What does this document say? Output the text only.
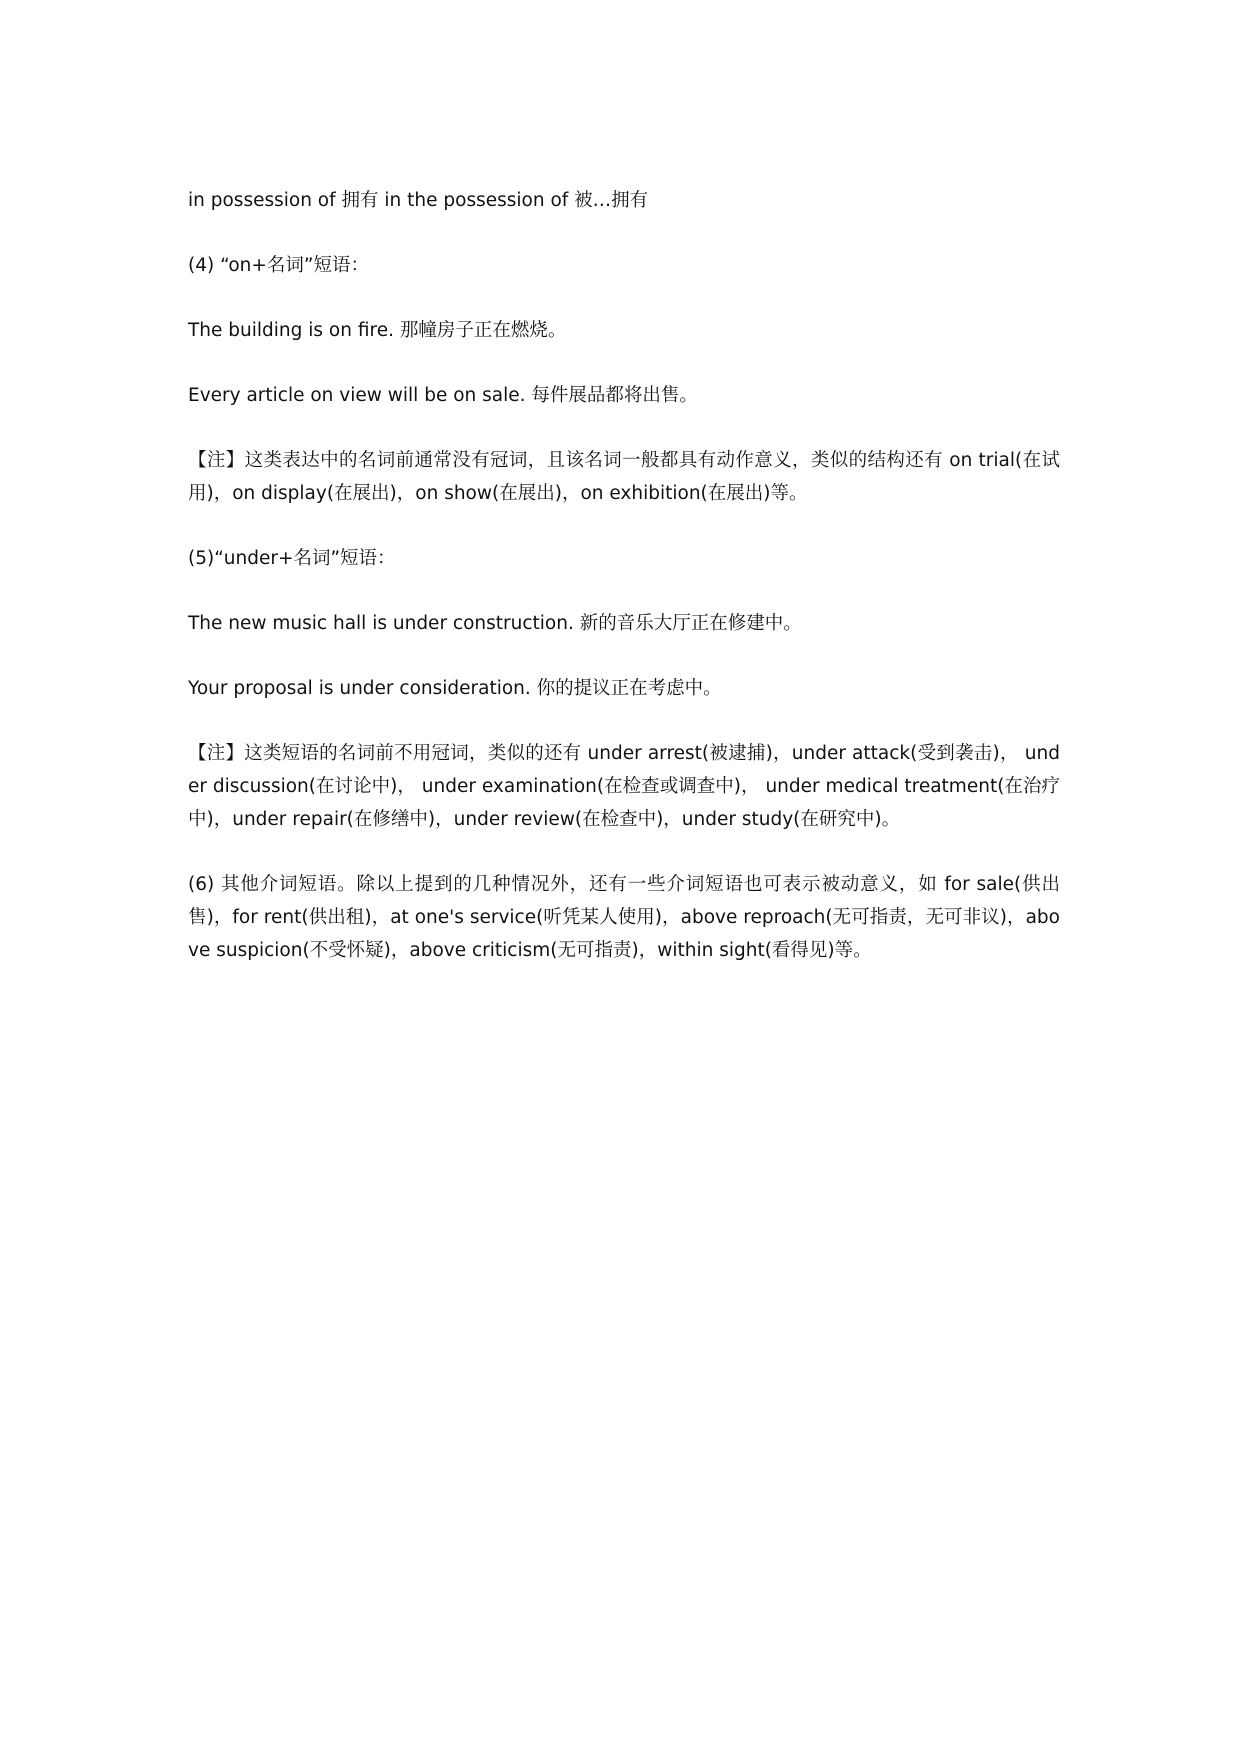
in possession of 拥有 in the possession of 被…拥有

(4) “on+名词”短语：

The building is on fire. 那幢房子正在燃烧。

Every article on view will be on sale. 每件展品都将出售。

【注】这类表达中的名词前通常没有冠词，且该名词一般都具有动作意义，类似的结构还有 on trial(在试用)，on display(在展出)，on show(在展出)，on exhibition(在展出)等。

(5)“under+名词”短语：

The new music hall is under construction. 新的音乐大厅正在修建中。

Your proposal is under consideration. 你的提议正在考虑中。

【注】这类短语的名词前不用冠词，类似的还有 under arrest(被逮捕)，under attack(受到袭击)， under discussion(在讨论中)， under examination(在检查或调查中)， under medical treatment(在治疗中)，under repair(在修缮中)，under review(在检查中)，under study(在研究中)。

(6) 其他介词短语。除以上提到的几种情况外，还有一些介词短语也可表示被动意义，如 for sale(供出售)，for rent(供出租)，at one's service(听凭某人使用)，above reproach(无可指责，无可非议)，above suspicion(不受怀疑)，above criticism(无可指责)，within sight(看得见)等。
